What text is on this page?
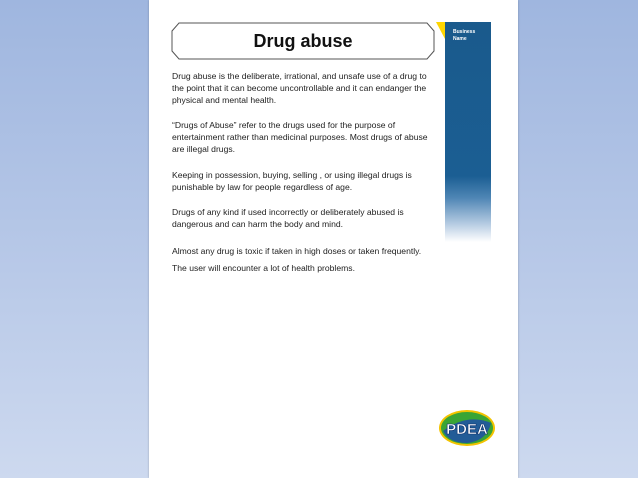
Drug abuse	Business Name

Drug abuse is the deliberate, irrational, and unsafe use of a drug to the point that it can become uncontrollable and it can endanger the physical and mental health.

“Drugs of Abuse” refer to the drugs used for the purpose of entertainment rather than medicinal purposes. Most drugs of abuse are illegal drugs.

Keeping in possession, buying, selling , or using illegal drugs is punishable by law for people regardless of age.

Drugs of any kind if used incorrectly or deliberately abused is dangerous and can harm the body and mind.

Almost any drug is toxic if taken in high doses or taken frequently. The user will encounter a lot of health problems.

PDEA
